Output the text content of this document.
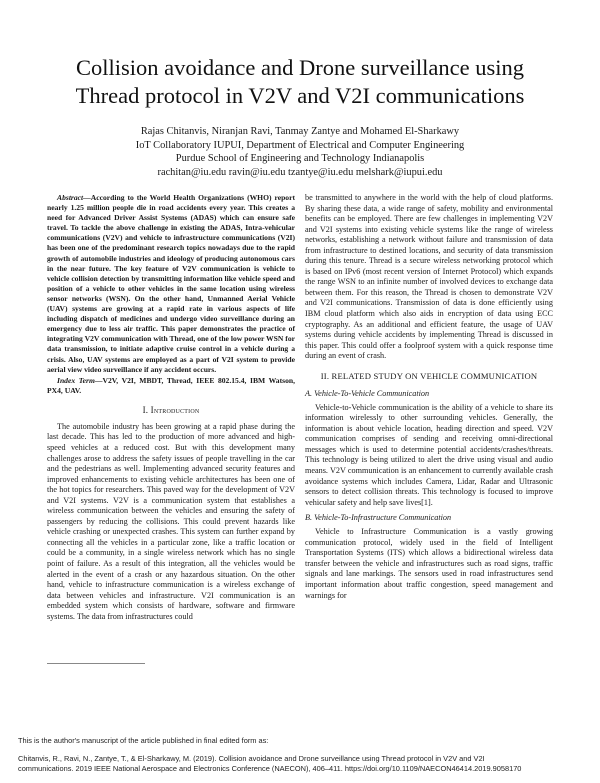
Collision avoidance and Drone surveillance using
Thread protocol in V2V and V2I communications
Rajas Chitanvis, Niranjan Ravi, Tanmay Zantye and Mohamed El-Sharkawy
IoT Collaboratory IUPUI, Department of Electrical and Computer Engineering
Purdue School of Engineering and Technology Indianapolis
rachitan@iu.edu ravin@iu.edu tzantye@iu.edu melshark@iupui.edu

Abstract—According to the World Health Organizations (WHO) report nearly 1.25 million people die in road accidents every year. This creates a need for Advanced Driver Assist Systems (ADAS) which can ensure safe travel. To tackle the above challenge in existing the ADAS, Intra-vehicular communications (V2V) and vehicle to infrastructure communications (V2I) has been one of the predominant research topics nowadays due to the rapid growth of automobile industries and ideology of producing autonomous cars in the near future. The key feature of V2V communication is vehicle to vehicle collision detection by transmitting information like vehicle speed and position of a vehicle to other vehicles in the same location using wireless sensor networks (WSN). On the other hand, Unmanned Aerial Vehicle (UAV) systems are growing at a rapid rate in various aspects of life including dispatch of medicines and undergo video surveillance during an emergency due to less air traffic. This paper demonstrates the practice of integrating V2V communication with Thread, one of the low power WSN for data transmission, to initiate adaptive cruise control in a vehicle during a crisis. Also, UAV systems are employed as a part of V2I system to provide aerial view video surveillance if any accident occurs.

Index Term—V2V, V2I, MBDT, Thread, IEEE 802.15.4, IBM Watson, PX4, UAV.

I. Introduction

The automobile industry has been growing at a rapid phase during the last decade. This has led to the production of more advanced and high-speed vehicles at a reduced cost. But with this development many challenges arose to address the safety issues of people travelling in the car and the pedestrians as well. Implementing advanced security features and improved enhancements to existing vehicle architectures has been one of the hot topics for researchers. This paved way for the development of V2V and V2I systems. V2V is a communication system that establishes a wireless communication between the vehicles and ensuring the safety of passengers by reducing the collisions. This could prevent hazards like vehicle crashing or unexpected crashes. This system can further expand by connecting all the vehicles in a particular zone, like a traffic location or could be a community, in a single wireless network which has no single point of failure. As a result of this integration, all the vehicles would be alerted in the event of a crash or any hazardous situation. On the other hand, vehicle to infrastructure communication is a wireless exchange of data between vehicles and infrastructure. V2I communication is an embedded system which consists of hardware, software and firmware systems. The data from infrastructures could

be transmitted to anywhere in the world with the help of cloud platforms. By sharing these data, a wide range of safety, mobility and environmental benefits can be employed. There are few challenges in implementing V2V and V2I systems into existing vehicle systems like the range of wireless networks, establishing a network without failure and transmission of data from infrastructure to destined locations, and security of data transmission during this tenure. Thread is a secure wireless networking protocol which is based on IPv6 (most recent version of Internet Protocol) which expands the range WSN to an infinite number of involved devices to exchange data between them. For this reason, the Thread is chosen to demonstrate V2V and V2I communications. Transmission of data is done efficiently using IBM cloud platform which also aids in encryption of data using ECC cryptography. As an additional and efficient feature, the usage of UAV systems during vehicle accidents by implementing Thread is discussed in this paper. This could offer a foolproof system with a quick response time during an event of crash.

II. RELATED STUDY ON VEHICLE COMMUNICATION
A. Vehicle-To-Vehicle Communication

Vehicle-to-Vehicle communication is the ability of a vehicle to share its information wirelessly to other surrounding vehicles. Generally, the information is about vehicle location, heading direction and speed. V2V communication comprises of sending and receiving omni-directional messages which is used to determine potential accidents/crashes/threats. This technology is being utilized to alert the drive using visual and audio means. V2V communication is an enhancement to currently available crash avoidance systems which includes Camera, Lidar, Radar and Ultrasonic sensors to detect collision threats. This technology is focused to improve vehicular safety and help save lives[1].

B. Vehicle-To-Infrastructure Communication

Vehicle to Infrastructure Communication is a vastly growing communication protocol, widely used in the field of Intelligent Transportation Systems (ITS) which allows a bidirectional wireless data transfer between the vehicle and infrastructures such as road signs, traffic signals and lane markings. The sensors used in road infrastructures send important information about traffic congestion, speed management and warnings for

This is the author's manuscript of the article published in final edited form as:
Chitanvis, R., Ravi, N., Zantye, T., & El-Sharkawy, M. (2019). Collision avoidance and Drone surveillance using Thread protocol in V2V and V2I
communications. 2019 IEEE National Aerospace and Electronics Conference (NAECON), 406–411. https://doi.org/10.1109/NAECON46414.2019.9058170
